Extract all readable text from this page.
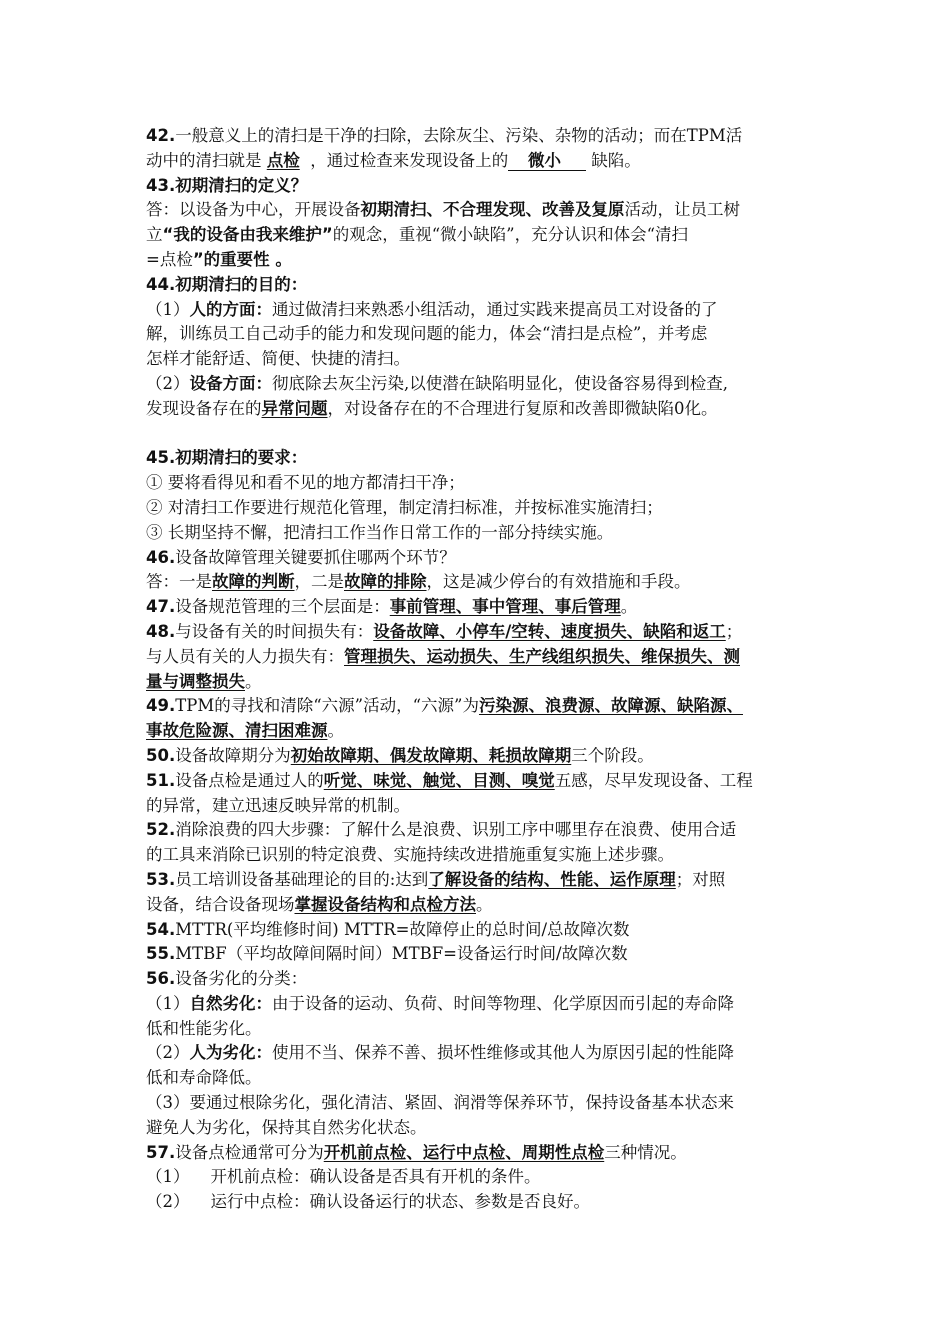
42.一般意义上的清扫是干净的扫除，去除灰尘、污染、杂物的活动；而在TPM活
动中的清扫就是 点检 ，通过检查来发现设备上的 微小 缺陷。
43.初期清扫的定义？
答：以设备为中心，开展设备初期清扫、不合理发现、改善及复原活动，让员工树
立“我的设备由我来维护”的观念，重视“微小缺陷”，充分认识和体会“清扫
=点检”的重要性 。
44.初期清扫的目的：
（1）人的方面：通过做清扫来熟悉小组活动，通过实践来提高员工对设备的了
解，训练员工自己动手的能力和发现问题的能力，体会“清扫是点检”，并考虑
怎样才能舒适、简便、快捷的清扫。
（2）设备方面：彻底除去灰尘污染,以使潜在缺陷明显化，使设备容易得到检查,
发现设备存在的异常问题，对设备存在的不合理进行复原和改善即微缺陷0化。
45.初期清扫的要求：
① 要将看得见和看不见的地方都清扫干净；
② 对清扫工作要进行规范化管理，制定清扫标准，并按标准实施清扫；
③ 长期坚持不懈，把清扫工作当作日常工作的一部分持续实施。
46.设备故障管理关键要抓住哪两个环节？
答：一是故障的判断，二是故障的排除，这是减少停台的有效措施和手段。
47.设备规范管理的三个层面是：事前管理、事中管理、事后管理。
48.与设备有关的时间损失有：设备故障、小停车/空转、速度损失、缺陷和返工；
与人员有关的人力损失有：管理损失、运动损失、生产线组织损失、维保损失、测
量与调整损失。
49.TPM的寻找和清除“六源”活动，“六源”为污染源、浪费源、故障源、缺陷源、
事故危险源、清扫困难源。
50.设备故障期分为初始故障期、偶发故障期、耗损故障期三个阶段。
51.设备点检是通过人的听觉、味觉、触觉、目测、嗅觉五感，尽早发现设备、工程
的异常，建立迅速反映异常的机制。
52.消除浪费的四大步骤：了解什么是浪费、识别工序中哪里存在浪费、使用合适
的工具来消除已识别的特定浪费、实施持续改进措施重复实施上述步骤。
53.员工培训设备基础理论的目的:达到了解设备的结构、性能、运作原理；对照
设备，结合设备现场掌握设备结构和点检方法。
54.MTTR(平均维修时间) MTTR=故障停止的总时间/总故障次数
55.MTBF（平均故障间隔时间）MTBF=设备运行时间/故障次数
56.设备劣化的分类：
（1）自然劣化：由于设备的运动、负荷、时间等物理、化学原因而引起的寿命降
低和性能劣化。
（2）人为劣化：使用不当、保养不善、损坏性维修或其他人为原因引起的性能降
低和寿命降低。
（3）要通过根除劣化，强化清洁、紧固、润滑等保养环节，保持设备基本状态来
避免人为劣化，保持其自然劣化状态。
57.设备点检通常可分为开机前点检、运行中点检、周期性点检三种情况。
（1）    开机前点检：确认设备是否具有开机的条件。
（2）    运行中点检：确认设备运行的状态、参数是否良好。
